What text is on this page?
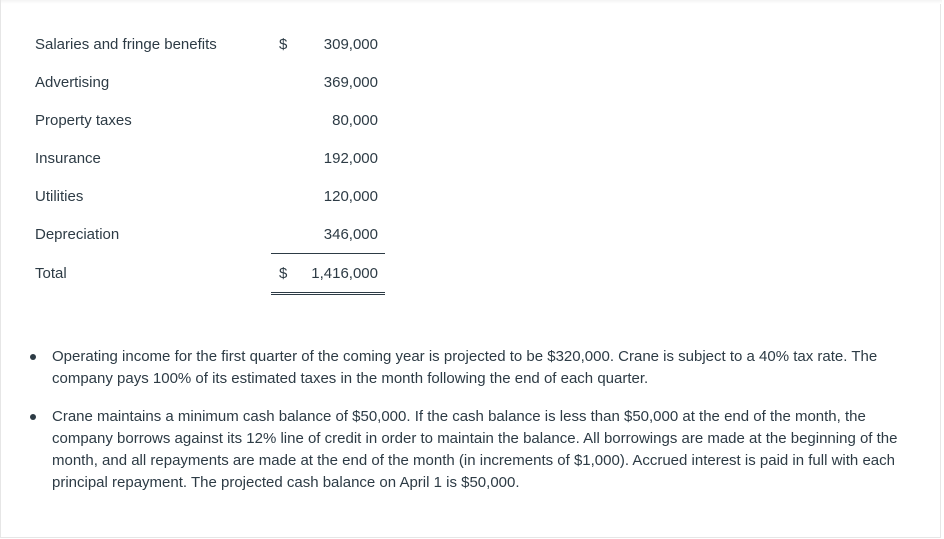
Salaries and fringe benefits	$ 309,000

Advertising	369,000

Property taxes	80,000

Insurance	192,000

Utilities	120,000

Depreciation	346,000

Total	$ 1,416,000
Operating income for the first quarter of the coming year is projected to be $320,000. Crane is subject to a 40% tax rate. The company pays 100% of its estimated taxes in the month following the end of each quarter.
Crane maintains a minimum cash balance of $50,000. If the cash balance is less than $50,000 at the end of the month, the company borrows against its 12% line of credit in order to maintain the balance. All borrowings are made at the beginning of the month, and all repayments are made at the end of the month (in increments of $1,000). Accrued interest is paid in full with each principal repayment. The projected cash balance on April 1 is $50,000.
